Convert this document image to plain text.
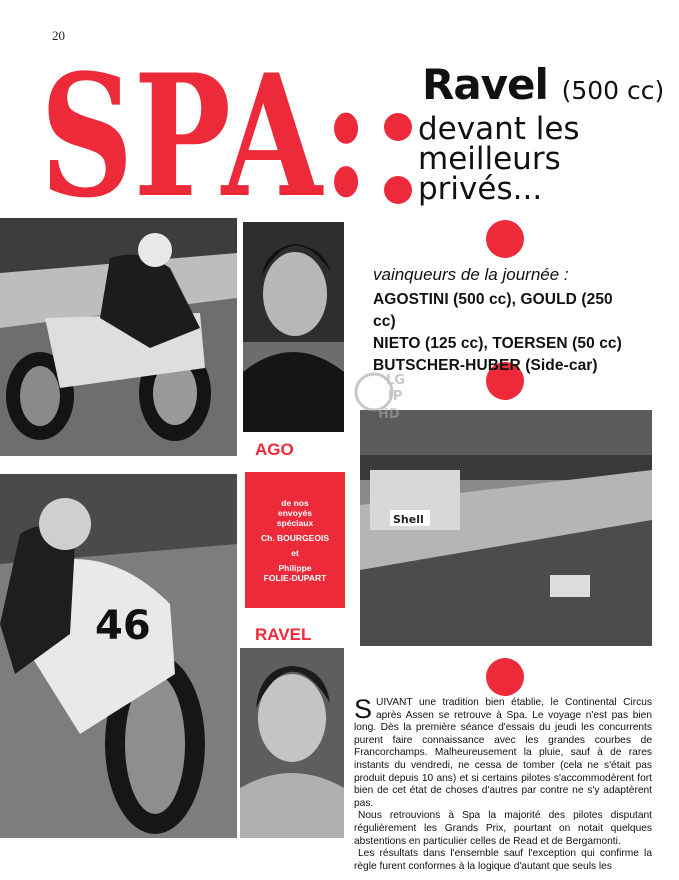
20
SPA: Ravel (500 cc)
devant les
meilleurs
privés...
46
Shell
LG
JP
HD
vainqueurs de la journée :
AGOSTINI (500 cc), GOULD (250 cc)
NIETO (125 cc), TOERSEN (50 cc)
BUTSCHER-HUBER (Side-car)
AGO
de nos
envoyés
spéciaux
Ch. BOURGEOIS
et
Philippe
FOLIE-DUPART
RAVEL

SUIVANT une tradition bien établie, le Continental Circus après Assen se retrouve à Spa. Le voyage n'est pas bien long. Dès la première séance d'essais du jeudi les concurrents purent faire connaissance avec les grandes courbes de Francorchamps. Malheureusement la pluie, sauf à de rares instants du vendredi, ne cessa de tomber (cela ne s'était pas produit depuis 10 ans) et si certains pilotes s'accommodèrent fort bien de cet état de choses d'autres par contre ne s'y adaptèrent pas.

Nous retrouvions à Spa la majorité des pilotes disputant régulièrement les Grands Prix, pourtant on notait quelques abstentions en particulier celles de Read et de Bergamonti.

Les résultats dans l'ensemble sauf l'exception qui confirme la règle furent conformes à la logique d'autant que seuls les
